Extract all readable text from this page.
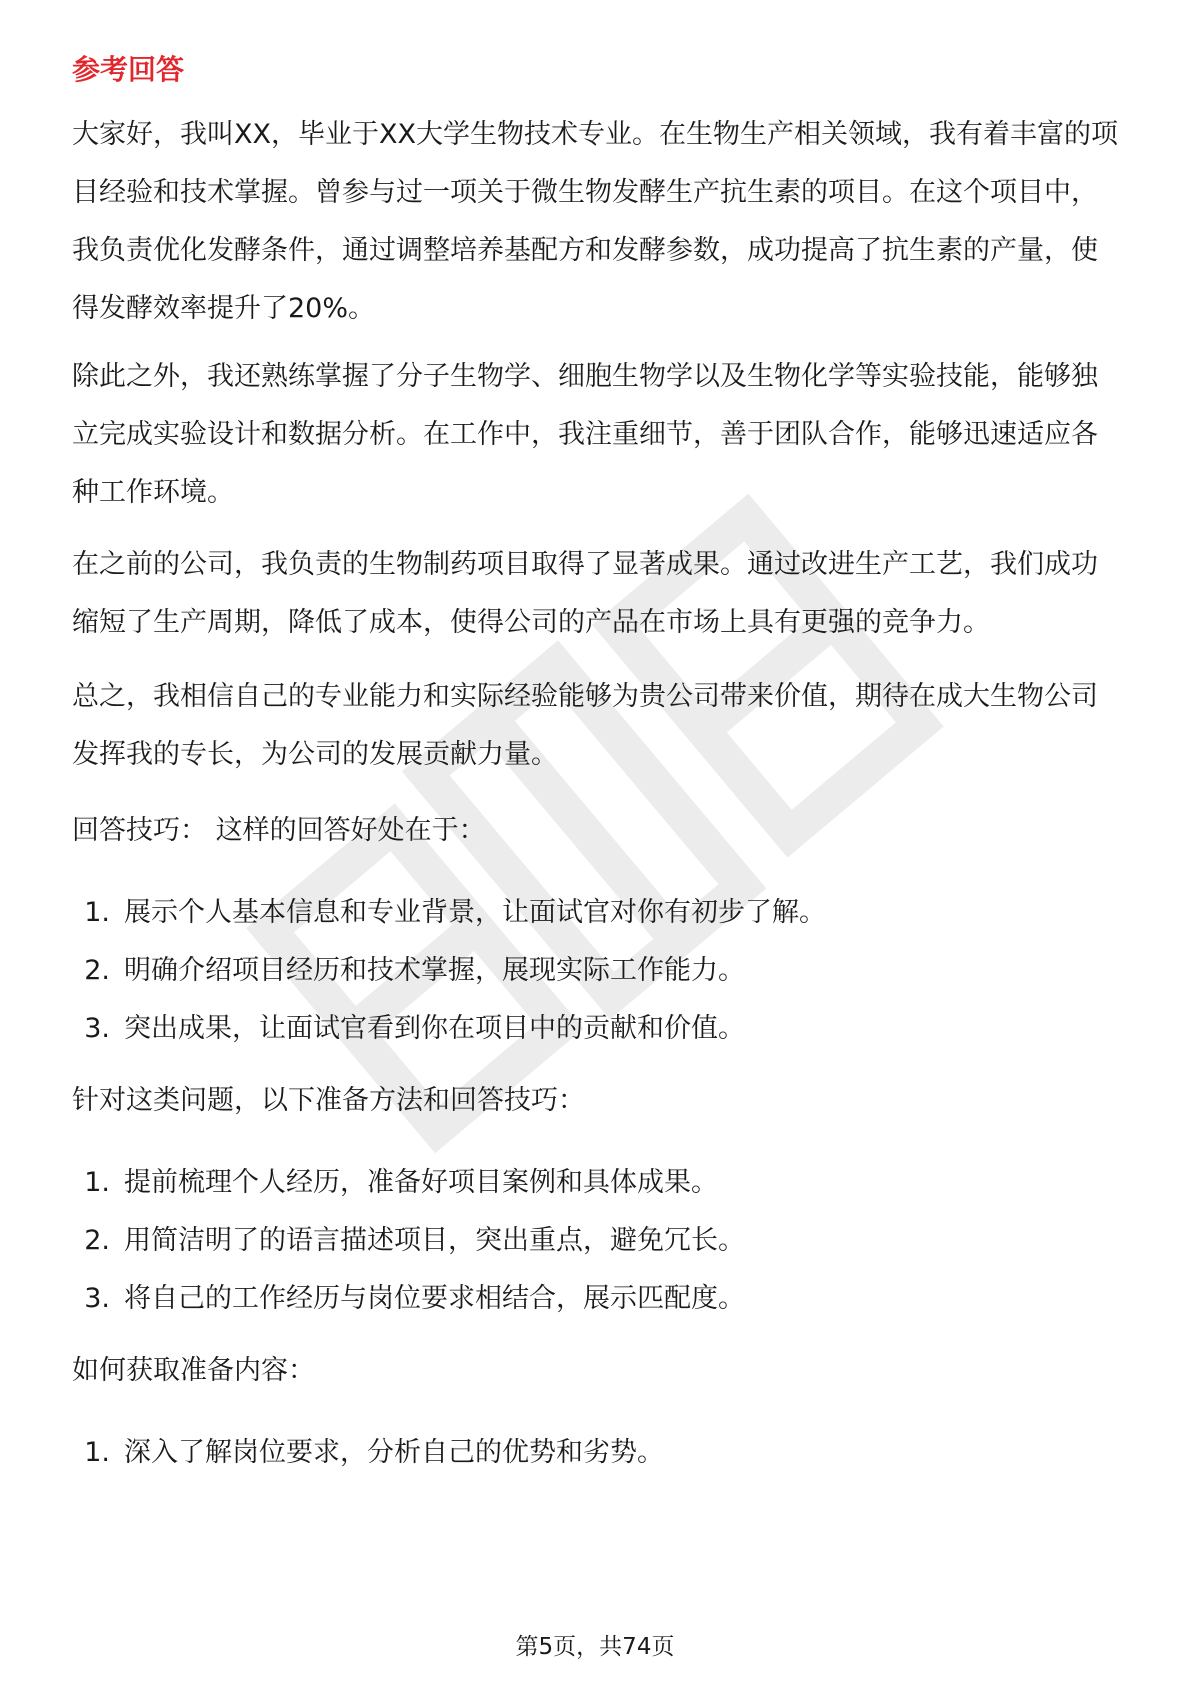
参考回答

大家好，我叫XX，毕业于XX大学生物技术专业。在生物生产相关领域，我有着丰富的项目经验和技术掌握。曾参与过一项关于微生物发酵生产抗生素的项目。在这个项目中，我负责优化发酵条件，通过调整培养基配方和发酵参数，成功提高了抗生素的产量，使得发酵效率提升了20%。

除此之外，我还熟练掌握了分子生物学、细胞生物学以及生物化学等实验技能，能够独立完成实验设计和数据分析。在工作中，我注重细节，善于团队合作，能够迅速适应各种工作环境。

在之前的公司，我负责的生物制药项目取得了显著成果。通过改进生产工艺，我们成功缩短了生产周期，降低了成本，使得公司的产品在市场上具有更强的竞争力。

总之，我相信自己的专业能力和实际经验能够为贵公司带来价值，期待在成大生物公司发挥我的专长，为公司的发展贡献力量。

回答技巧： 这样的回答好处在于：

1. 展示个人基本信息和专业背景，让面试官对你有初步了解。
2. 明确介绍项目经历和技术掌握，展现实际工作能力。
3. 突出成果，让面试官看到你在项目中的贡献和价值。

针对这类问题，以下准备方法和回答技巧：

1. 提前梳理个人经历，准备好项目案例和具体成果。
2. 用简洁明了的语言描述项目，突出重点，避免冗长。
3. 将自己的工作经历与岗位要求相结合，展示匹配度。

如何获取准备内容：

1. 深入了解岗位要求，分析自己的优势和劣势。
第5页，共74页
